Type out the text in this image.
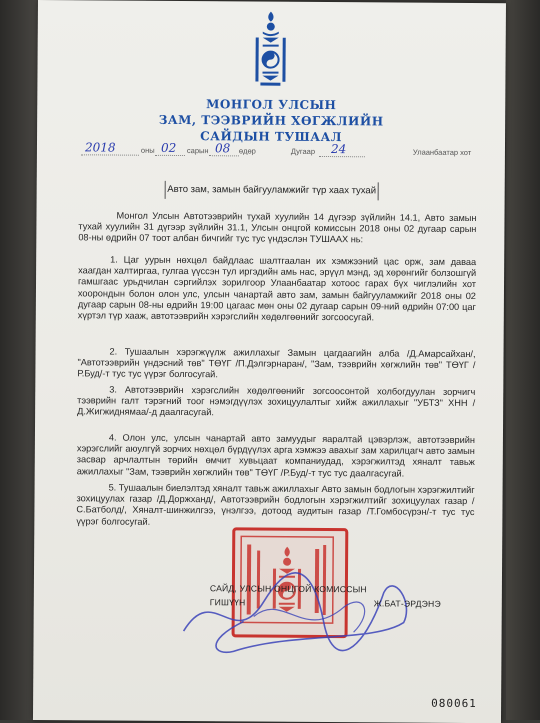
МОНГОЛ УЛСЫН
ЗАМ, ТЭЭВРИЙН ХӨГЖЛИЙН
САЙДЫН ТУШААЛ
2018	оны 02 сарын 08 өдөр	Дугаар 24	Улаанбаатар хот
Авто зам, замын байгууламжийг түр хаах тухай

Монгол Улсын Автотээврийн тухай хуулийн 14 дүгээр зүйлийн 14.1, Авто замын тухай хуулийн 31 дүгээр зүйлийн 31.1, Улсын онцгой комиссын 2018 оны 02 дугаар сарын 08-ны өдрийн 07 тоот албан бичгийг тус тус үндэслэн ТУШААХ нь:

1. Цаг уурын нөхцөл байдлаас шалтгаалан их хэмжээний цас орж, зам даваа хаагдан халтиргаа, гулгаа үүссэн тул иргэдийн амь нас, эрүүл мэнд, эд хөрөнгийг болзошгүй гамшгаас урьдчилан сэргийлэх зорилгоор Улаанбаатар хотоос гарах бүх чиглэлийн хот хоорондын болон олон улс, улсын чанартай авто зам, замын байгууламжийг 2018 оны 02 дугаар сарын 08-ны өдрийн 19:00 цагаас мөн оны 02 дугаар сарын 09-ний өдрийн 07:00 цаг хүртэл түр хааж, автотээврийн хэрэгслийн хөдөлгөөнийг зогсоосугай.

2. Тушаалын хэрэгжүүлж ажиллахыг Замын цагдаагийн алба /Д.Амарсайхан/, "Автотээврийн үндэсний төв" ТӨҮГ /П.Дэлгэрнаран/, "Зам, тээврийн хөгжлийн төв" ТӨҮГ /Р.Буд/-т тус тус үүрэг болгосугай.

3. Автотээврийн хэрэгслийн хөдөлгөөнийг зогсоосонтой холбогдуулан зорчигч тээврийн галт тэрэгний тоог нэмэгдүүлэх зохицуулалтыг хийж ажиллахыг "УБТЗ" ХНН /Д.Жигжиднямаа/-д даалгасугай.

4. Олон улс, улсын чанартай авто замуудыг яаралтай цэвэрлэж, автотээврийн хэрэгслийг аюулгүй зорчих нөхцөл бүрдүүлэх арга хэмжээ авахыг зам харилцагч авто замын засвар арчлалтын төрийн өмчит хувьцаат компаниудад, хэрэгжилтэд хяналт тавьж ажиллахыг "Зам, тээврийн хөгжлийн төв" ТӨҮГ /Р.Буд/-т тус тус даалгасугай.

5. Тушаалын биелэлтэд хяналт тавьж ажиллахыг Авто замын бодлогын хэрэгжилтийг зохицуулах газар /Д.Доржханд/, Автотээврийн бодлогын хэрэгжилтийг зохицуулах газар /С.Батболд/, Хяналт-шинжилгээ, үнэлгээ, дотоод аудитын газар /Т.Гомбосүрэн/-т тус тус үүрэг болгосугай.

САЙД, УЛСЫН ОНЦГОЙ КОМИССЫН
ГИШҮҮН	Ж.БАТ-ЭРДЭНЭ
080061
